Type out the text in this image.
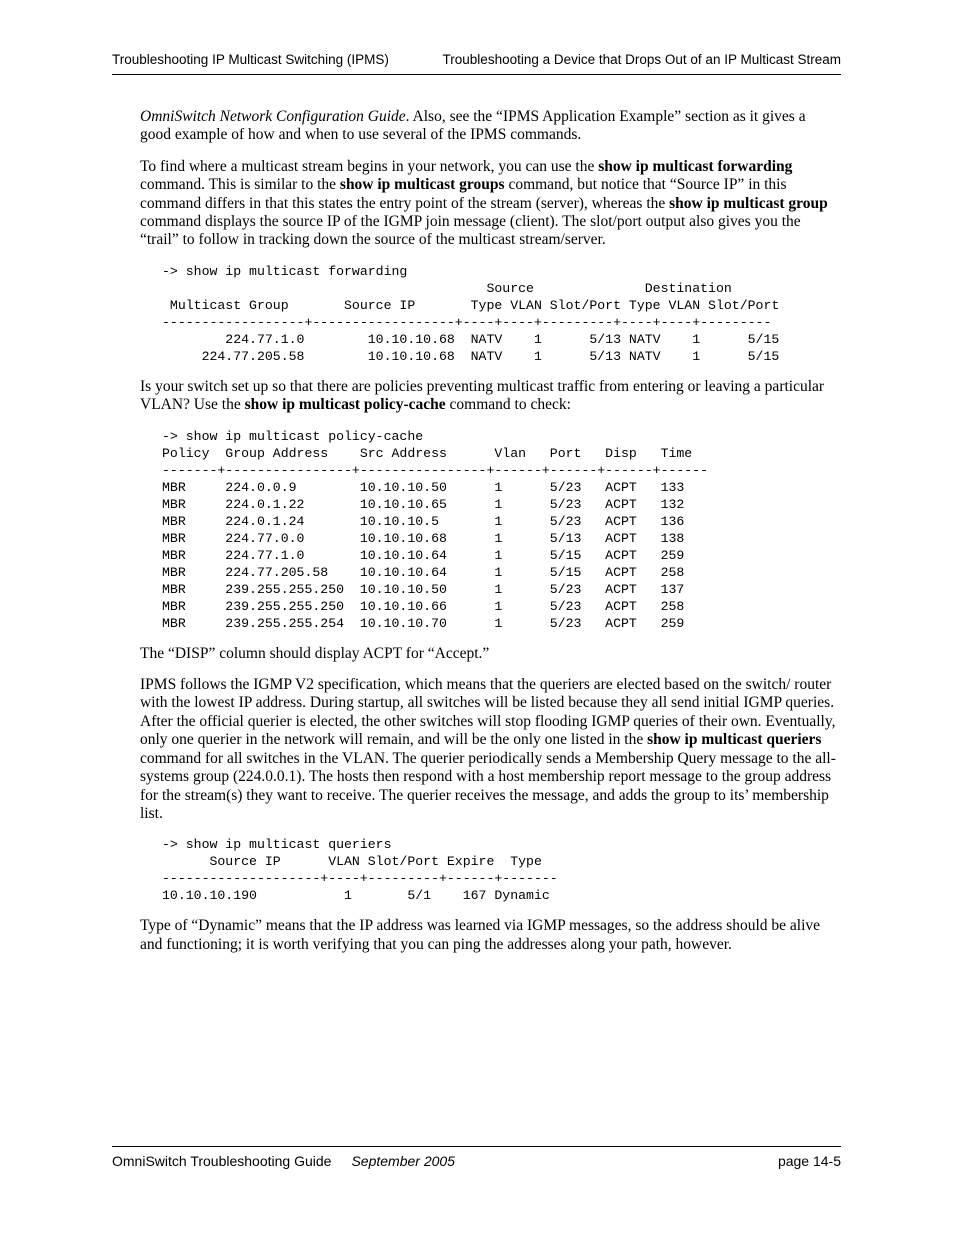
Troubleshooting IP Multicast Switching (IPMS)	Troubleshooting a Device that Drops Out of an IP Multicast Stream

OmniSwitch Network Configuration Guide. Also, see the “IPMS Application Example” section as it gives a good example of how and when to use several of the IPMS commands.

To find where a multicast stream begins in your network, you can use the show ip multicast forwarding command. This is similar to the show ip multicast groups command, but notice that “Source IP” in this command differs in that this states the entry point of the stream (server), whereas the show ip multicast group command displays the source IP of the IGMP join message (client). The slot/port output also gives you the “trail” to follow in tracking down the source of the multicast stream/server.

-> show ip multicast forwarding
Source              Destination
Multicast Group       Source IP       Type VLAN Slot/Port Type VLAN Slot/Port
------------------+------------------+----+----+---------+----+----+---------
224.77.1.0        10.10.10.68  NATV    1      5/13 NATV    1      5/15
224.77.205.58        10.10.10.68  NATV    1      5/13 NATV    1      5/15

Is your switch set up so that there are policies preventing multicast traffic from entering or leaving a particular VLAN? Use the show ip multicast policy-cache command to check:

-> show ip multicast policy-cache
Policy  Group Address    Src Address      Vlan   Port   Disp   Time
-------+----------------+----------------+------+------+------+------
MBR     224.0.0.9        10.10.10.50      1      5/23   ACPT   133
MBR     224.0.1.22       10.10.10.65      1      5/23   ACPT   132
MBR     224.0.1.24       10.10.10.5       1      5/23   ACPT   136
MBR     224.77.0.0       10.10.10.68      1      5/13   ACPT   138
MBR     224.77.1.0       10.10.10.64      1      5/15   ACPT   259
MBR     224.77.205.58    10.10.10.64      1      5/15   ACPT   258
MBR     239.255.255.250  10.10.10.50      1      5/23   ACPT   137
MBR     239.255.255.250  10.10.10.66      1      5/23   ACPT   258
MBR     239.255.255.254  10.10.10.70      1      5/23   ACPT   259

The “DISP” column should display ACPT for “Accept.”

IPMS follows the IGMP V2 specification, which means that the queriers are elected based on the switch/ router with the lowest IP address. During startup, all switches will be listed because they all send initial IGMP queries. After the official querier is elected, the other switches will stop flooding IGMP queries of their own. Eventually, only one querier in the network will remain, and will be the only one listed in the show ip multicast queriers command for all switches in the VLAN. The querier periodically sends a Membership Query message to the all-systems group (224.0.0.1). The hosts then respond with a host membership report message to the group address for the stream(s) they want to receive. The querier receives the message, and adds the group to its’ membership list.

-> show ip multicast queriers
Source IP      VLAN Slot/Port Expire  Type
--------------------+----+---------+------+-------
10.10.10.190           1       5/1    167 Dynamic

Type of “Dynamic” means that the IP address was learned via IGMP messages, so the address should be alive and functioning; it is worth verifying that you can ping the addresses along your path, however.

OmniSwitch Troubleshooting Guide September 2005	page 14-5
